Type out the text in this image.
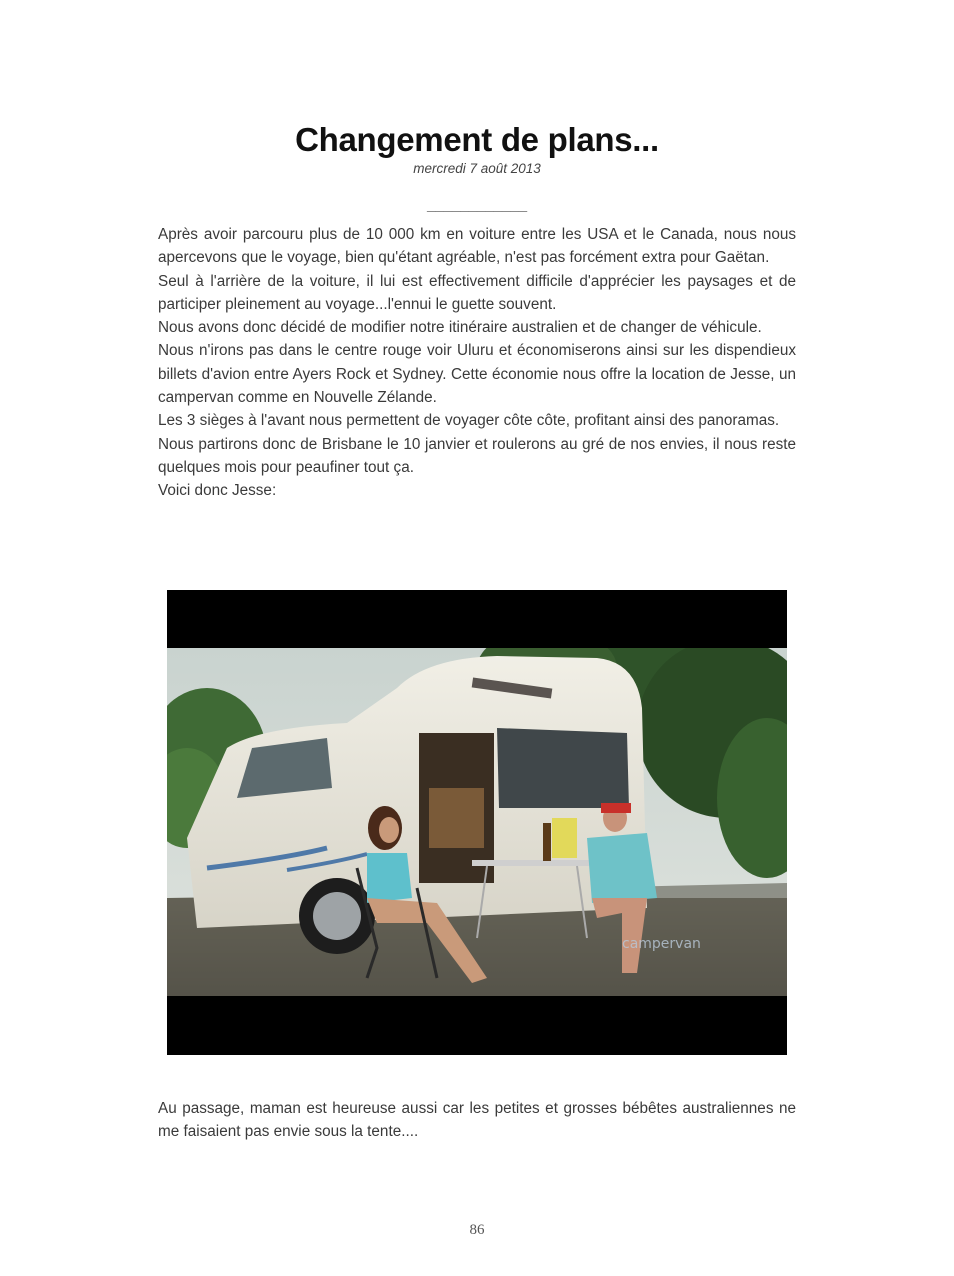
Changement de plans...
mercredi 7 août 2013
____________

Après avoir parcouru plus de 10 000 km en voiture entre les USA et le Canada, nous nous apercevons que le voyage, bien qu'étant agréable, n'est pas forcément extra pour Gaëtan.

Seul à l'arrière de la voiture, il lui est effectivement difficile d'apprécier les paysages et de participer pleinement au voyage...l'ennui le guette souvent.

Nous avons donc décidé de modifier notre itinéraire australien et de changer de véhicule.

Nous n'irons pas dans le centre rouge voir Uluru et économiserons ainsi sur les dispendieux billets d'avion entre Ayers Rock et Sydney. Cette économie nous offre la location de Jesse, un campervan comme en Nouvelle Zélande.

Les 3 sièges à l'avant nous permettent de voyager côte côte, profitant ainsi des panoramas.

Nous partirons donc de Brisbane le 10 janvier et roulerons au gré de nos envies, il nous reste quelques mois pour peaufiner tout ça.

Voici donc Jesse:

campervan

Au passage, maman est heureuse aussi car les petites et grosses bébêtes australiennes ne me faisaient pas envie sous la tente....

86
